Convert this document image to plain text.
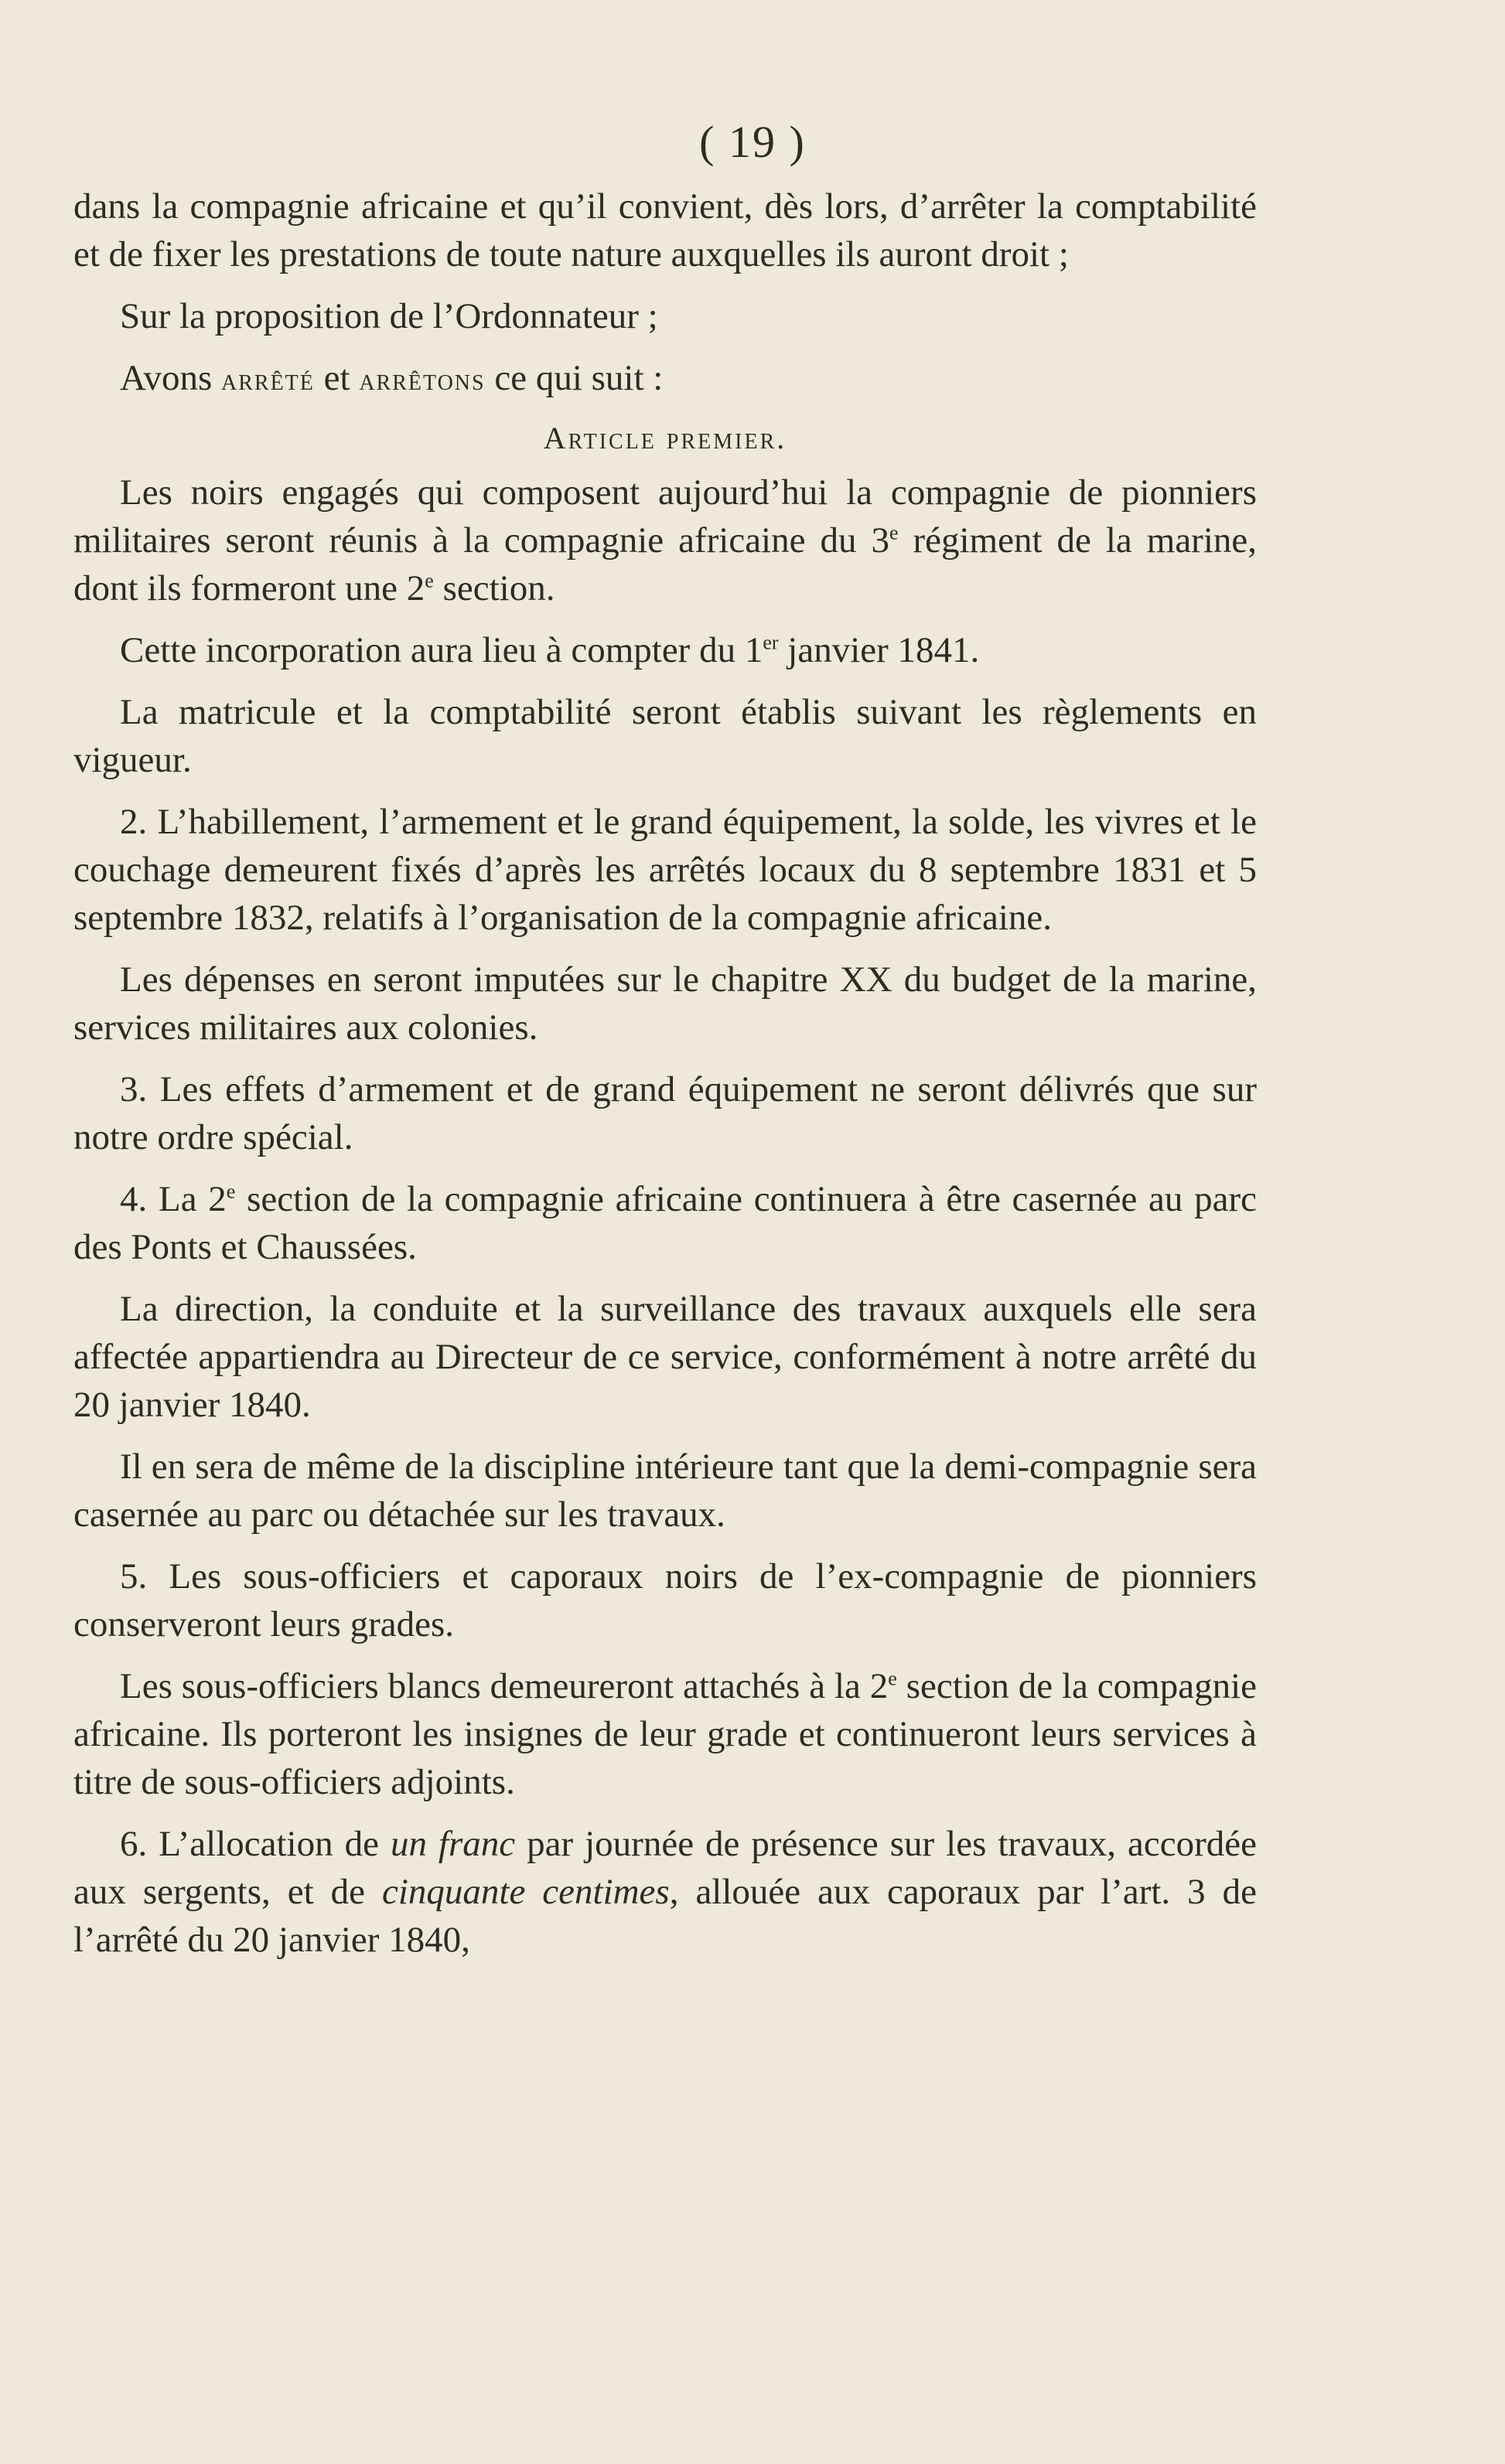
( 19 )

dans la compagnie africaine et qu’il convient, dès lors, d’arrêter la comptabilité et de fixer les prestations de toute nature auxquelles ils auront droit ;

Sur la proposition de l’Ordonnateur ;

Avons arrêté et arrêtons ce qui suit :

Article premier.

Les noirs engagés qui composent aujourd’hui la compagnie de pionniers militaires seront réunis à la compagnie africaine du 3e régiment de la marine, dont ils formeront une 2e section.

Cette incorporation aura lieu à compter du 1er janvier 1841.

La matricule et la comptabilité seront établis suivant les règlements en vigueur.

2. L’habillement, l’armement et le grand équipement, la solde, les vivres et le couchage demeurent fixés d’après les arrêtés locaux du 8 septembre 1831 et 5 septembre 1832, relatifs à l’organisation de la compagnie africaine.

Les dépenses en seront imputées sur le chapitre XX du budget de la marine, services militaires aux colonies.

3. Les effets d’armement et de grand équipement ne seront délivrés que sur notre ordre spécial.

4. La 2e section de la compagnie africaine continuera à être casernée au parc des Ponts et Chaussées.

La direction, la conduite et la surveillance des travaux auxquels elle sera affectée appartiendra au Directeur de ce service, conformément à notre arrêté du 20 janvier 1840.

Il en sera de même de la discipline intérieure tant que la demi-compagnie sera casernée au parc ou détachée sur les travaux.

5. Les sous-officiers et caporaux noirs de l’ex-compagnie de pionniers conserveront leurs grades.

Les sous-officiers blancs demeureront attachés à la 2e section de la compagnie africaine. Ils porteront les insignes de leur grade et continueront leurs services à titre de sous-officiers adjoints.

6. L’allocation de un franc par journée de présence sur les travaux, accordée aux sergents, et de cinquante centimes, allouée aux caporaux par l’art. 3 de l’arrêté du 20 janvier 1840,
